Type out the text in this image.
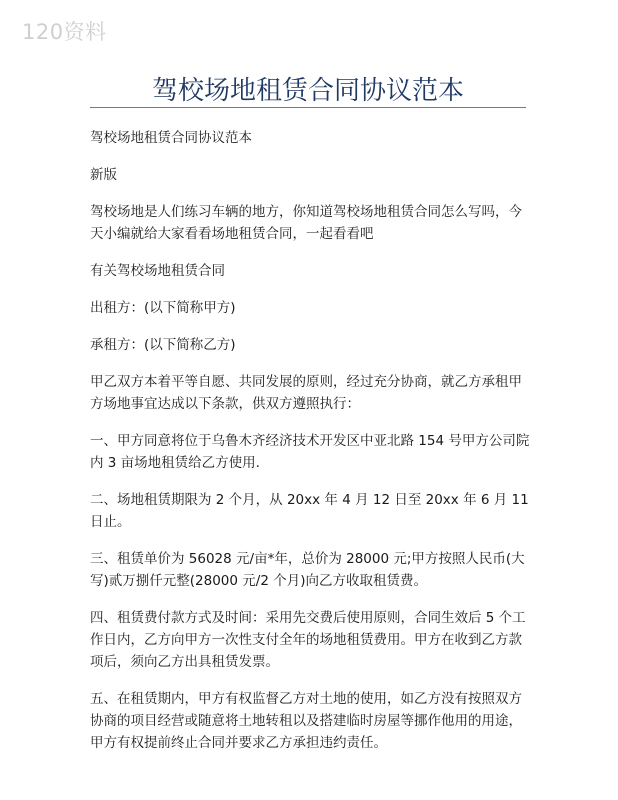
120资料
驾校场地租赁合同协议范本

驾校场地租赁合同协议范本

新版

驾校场地是人们练习车辆的地方，你知道驾校场地租赁合同怎么写吗，今天小编就给大家看看场地租赁合同，一起看看吧

有关驾校场地租赁合同

出租方：(以下简称甲方)

承租方：(以下简称乙方)

甲乙双方本着平等自愿、共同发展的原则，经过充分协商，就乙方承租甲方场地事宜达成以下条款，供双方遵照执行：

一、甲方同意将位于乌鲁木齐经济技术开发区中亚北路 154 号甲方公司院内 3 亩场地租赁给乙方使用.

二、场地租赁期限为 2 个月，从 20xx 年 4 月 12 日至 20xx 年 6 月 11 日止。

三、租赁单价为 56028 元/亩*年，总价为 28000 元;甲方按照人民币(大写)贰万捌仟元整(28000 元/2 个月)向乙方收取租赁费。

四、租赁费付款方式及时间：采用先交费后使用原则，合同生效后 5 个工作日内，乙方向甲方一次性支付全年的场地租赁费用。甲方在收到乙方款项后，须向乙方出具租赁发票。

五、在租赁期内，甲方有权监督乙方对土地的使用，如乙方没有按照双方协商的项目经营或随意将土地转租以及搭建临时房屋等挪作他用的用途，甲方有权提前终止合同并要求乙方承担违约责任。
